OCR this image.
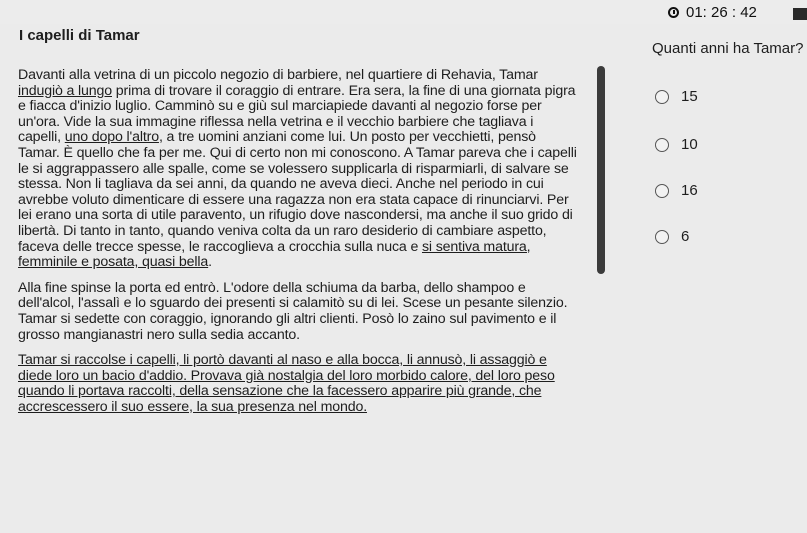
01: 26 : 42
I capelli di Tamar

Davanti alla vetrina di un piccolo negozio di barbiere, nel quartiere di Rehavia, Tamar indugiò a lungo prima di trovare il coraggio di entrare. Era sera, la fine di una giornata pigra e fiacca d'inizio luglio. Camminò su e giù sul marciapiede davanti al negozio forse per un'ora. Vide la sua immagine riflessa nella vetrina e il vecchio barbiere che tagliava i capelli, uno dopo l'altro, a tre uomini anziani come lui. Un posto per vecchietti, pensò Tamar. È quello che fa per me. Qui di certo non mi conoscono. A Tamar pareva che i capelli le si aggrappassero alle spalle, come se volessero supplicarla di risparmiarli, di salvare se stessa. Non li tagliava da sei anni, da quando ne aveva dieci. Anche nel periodo in cui avrebbe voluto dimenticare di essere una ragazza non era stata capace di rinunciarvi. Per lei erano una sorta di utile paravento, un rifugio dove nascondersi, ma anche il suo grido di libertà. Di tanto in tanto, quando veniva colta da un raro desiderio di cambiare aspetto, faceva delle trecce spesse, le raccoglieva a crocchia sulla nuca e si sentiva matura, femminile e posata, quasi bella.

Alla fine spinse la porta ed entrò. L'odore della schiuma da barba, dello shampoo e dell'alcol, l'assalì e lo sguardo dei presenti si calamitò su di lei. Scese un pesante silenzio. Tamar si sedette con coraggio, ignorando gli altri clienti. Posò lo zaino sul pavimento e il grosso mangianastri nero sulla sedia accanto.

Tamar si raccolse i capelli, li portò davanti al naso e alla bocca, li annusò, li assaggiò e diede loro un bacio d'addio. Provava già nostalgia del loro morbido calore, del loro peso quando li portava raccolti, della sensazione che la facessero apparire più grande, che accrescessero il suo essere, la sua presenza nel mondo.

Quanti anni ha Tamar?
15
10
16
6
